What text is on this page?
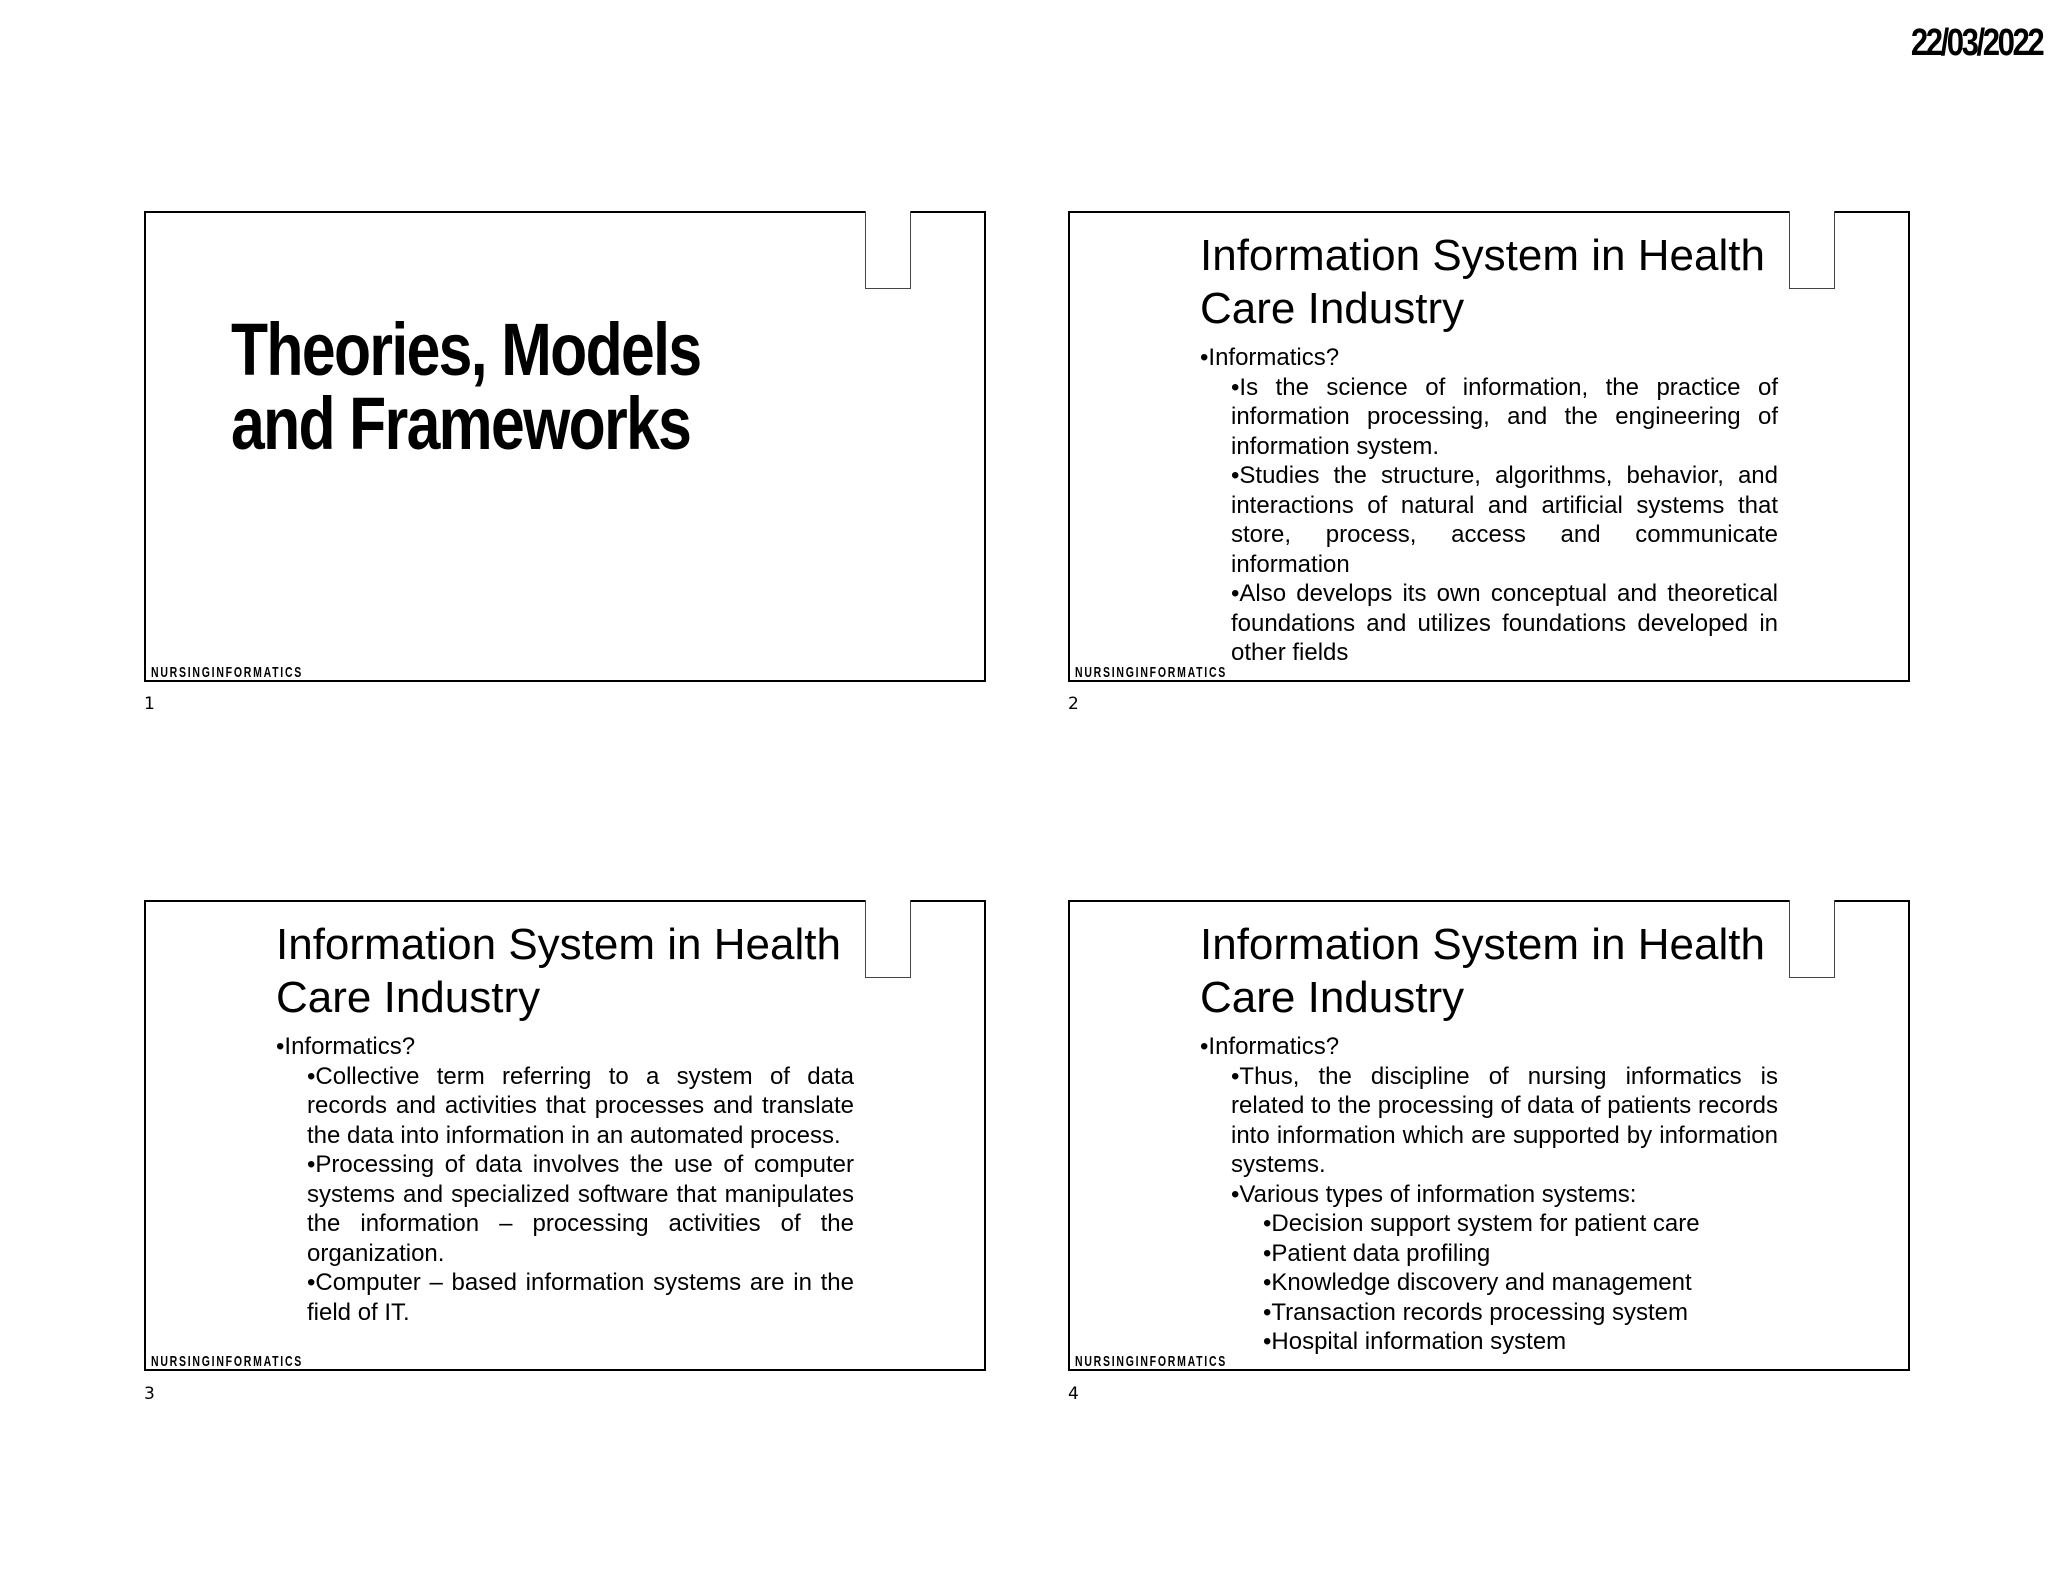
22/03/2022
Theories, Models and Frameworks
NURSINGINFORMATICS
1
Information System in Health
Care Industry
•Informatics?
•Is the science of information, the practice of information processing, and the engineering of information system.
•Studies the structure, algorithms, behavior, and interactions of natural and artificial systems that store, process, access and communicate information
•Also develops its own conceptual and theoretical foundations and utilizes foundations developed in other fields
NURSINGINFORMATICS
2
Information System in Health
Care Industry
•Informatics?
•Collective term referring to a system of data records and activities that processes and translate the data into information in an automated process.
•Processing of data involves the use of computer systems and specialized software that manipulates the information – processing activities of the organization.
•Computer – based information systems are in the field of IT.
NURSINGINFORMATICS
3
Information System in Health
Care Industry
•Informatics?
•Thus, the discipline of nursing informatics is related to the processing of data of patients records into information which are supported by information systems.
•Various types of information systems:
•Decision support system for patient care
•Patient data profiling
•Knowledge discovery and management
•Transaction records processing system
•Hospital information system
NURSINGINFORMATICS
4
